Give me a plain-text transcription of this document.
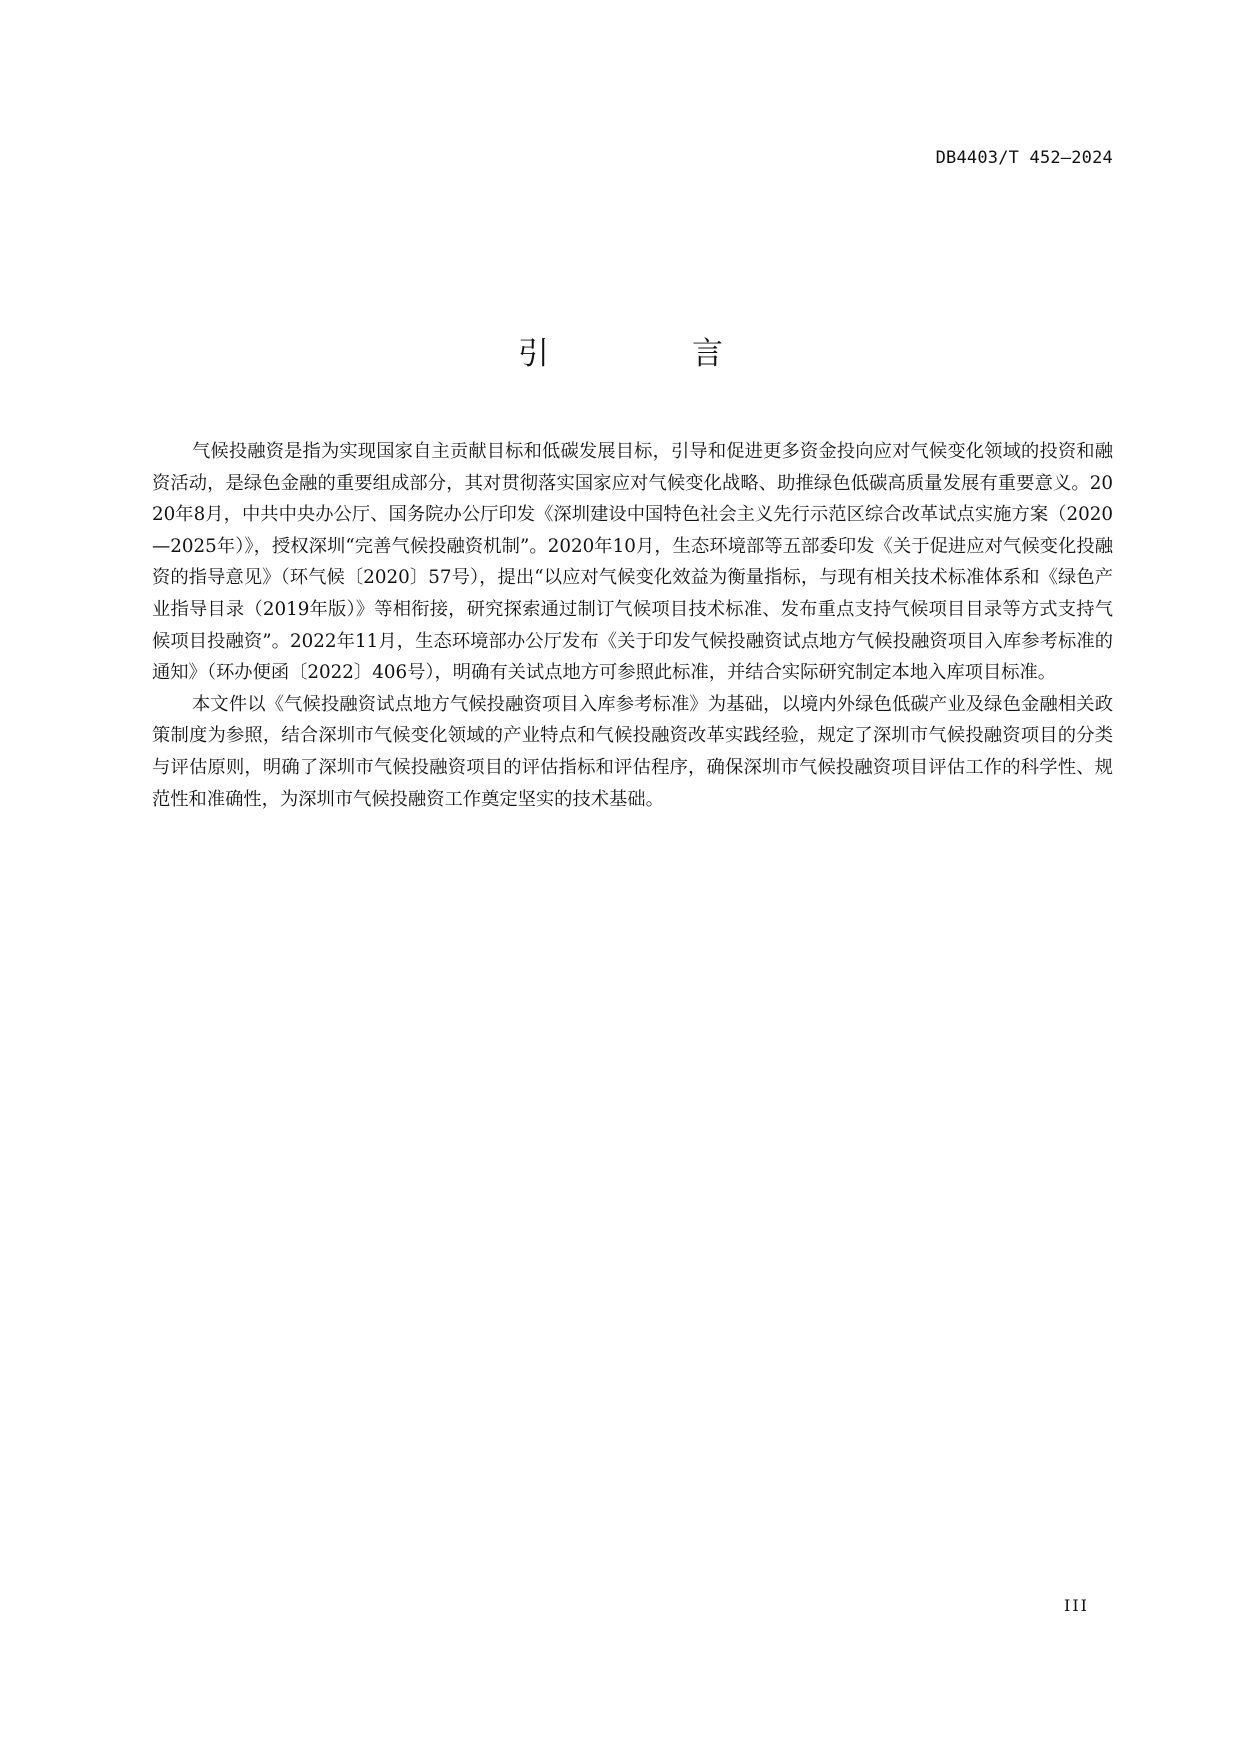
DB4403/T 452—2024
引　言

气候投融资是指为实现国家自主贡献目标和低碳发展目标，引导和促进更多资金投向应对气候变化领域的投资和融资活动，是绿色金融的重要组成部分，其对贯彻落实国家应对气候变化战略、助推绿色低碳高质量发展有重要意义。2020年8月，中共中央办公厅、国务院办公厅印发《深圳建设中国特色社会主义先行示范区综合改革试点实施方案（2020—2025年）》，授权深圳“完善气候投融资机制”。2020年10月，生态环境部等五部委印发《关于促进应对气候变化投融资的指导意见》（环气候〔2020〕57号），提出“以应对气候变化效益为衡量指标，与现有相关技术标准体系和《绿色产业指导目录（2019年版）》等相衔接，研究探索通过制订气候项目技术标准、发布重点支持气候项目目录等方式支持气候项目投融资”。2022年11月，生态环境部办公厅发布《关于印发气候投融资试点地方气候投融资项目入库参考标准的通知》（环办便函〔2022〕406号），明确有关试点地方可参照此标准，并结合实际研究制定本地入库项目标准。

本文件以《气候投融资试点地方气候投融资项目入库参考标准》为基础，以境内外绿色低碳产业及绿色金融相关政策制度为参照，结合深圳市气候变化领域的产业特点和气候投融资改革实践经验，规定了深圳市气候投融资项目的分类与评估原则，明确了深圳市气候投融资项目的评估指标和评估程序，确保深圳市气候投融资项目评估工作的科学性、规范性和准确性，为深圳市气候投融资工作奠定坚实的技术基础。

III
